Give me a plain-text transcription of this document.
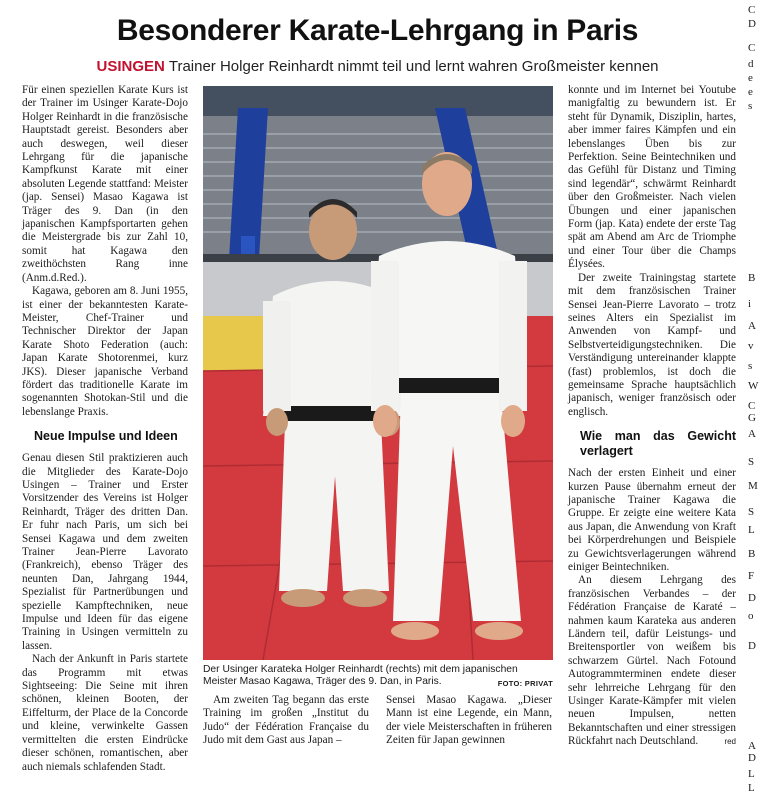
Besonderer Karate-Lehrgang in Paris
USINGEN Trainer Holger Reinhardt nimmt teil und lernt wahren Großmeister kennen

Für einen speziellen Karate Kurs ist der Trainer im Usinger Karate-Dojo Holger Reinhardt in die französische Hauptstadt gereist. Besonders aber auch deswegen, weil dieser Lehrgang für die japanische Kampfkunst Karate mit einer absoluten Legende stattfand: Meister (jap. Sensei) Masao Kagawa ist Träger des 9. Dan (in den japanischen Kampfsportarten gehen die Meistergrade bis zur Zahl 10, somit hat Kagawa den zweithöchsten Rang inne (Anm.d.Red.).

Kagawa, geboren am 8. Juni 1955, ist einer der bekanntesten Karate-Meister, Chef-Trainer und Technischer Direktor der Japan Karate Shoto Federation (auch: Japan Karate Shotorenmei, kurz JKS). Dieser japanische Verband fördert das traditionelle Karate im sogenannten Shotokan-Stil und die lebenslange Praxis.

Neue Impulse und Ideen

Genau diesen Stil praktizieren auch die Mitglieder des Karate-Dojo Usingen – Trainer und Erster Vorsitzender des Vereins ist Holger Reinhardt, Träger des dritten Dan. Er fuhr nach Paris, um sich bei Sensei Kagawa und dem zweiten Trainer Jean-Pierre Lavorato (Frankreich), ebenso Träger des neunten Dan, Jahrgang 1944, Spezialist für Partnerübungen und spezielle Kampftechniken, neue Impulse und Ideen für das eigene Training in Usingen vermitteln zu lassen.

Nach der Ankunft in Paris startete das Programm mit etwas Sightseeing: Die Seine mit ihren schönen, kleinen Booten, der Eiffelturm, der Place de la Concorde und kleine, verwinkelte Gassen vermittelten die ersten Eindrücke dieser schönen, romantischen, aber auch niemals schlafenden Stadt.

Der Usinger Karateka Holger Reinhardt (rechts) mit dem japanischen Meister Masao Kagawa, Träger des 9. Dan, in Paris.	FOTO: PRIVAT

Am zweiten Tag begann das erste Training im großen „Institut du Judo“ der Fédération Française du Judo mit dem Gast aus Japan –

Sensei Masao Kagawa. „Dieser Mann ist eine Legende, ein Mann, der viele Meisterschaften in früheren Zeiten für Japan gewinnen

konnte und im Internet bei Youtube manigfaltig zu bewundern ist. Er steht für Dynamik, Disziplin, hartes, aber immer faires Kämpfen und ein lebenslanges Üben bis zur Perfektion. Seine Beintechniken und das Gefühl für Distanz und Timing sind legendär“, schwärmt Reinhardt über den Großmeister. Nach vielen Übungen und einer japanischen Form (jap. Kata) endete der erste Tag spät am Abend am Arc de Triomphe und einer Tour über die Champs Élysées.

Der zweite Trainingstag startete mit dem französischen Trainer Sensei Jean-Pierre Lavorato – trotz seines Alters ein Spezialist im Anwenden von Kampf- und Selbstverteidigungstechniken. Die Verständigung untereinander klappte (fast) problemlos, ist doch die gemeinsame Sprache hauptsächlich japanisch, weniger französisch oder englisch.

Wie man das Gewicht verlagert

Nach der ersten Einheit und einer kurzen Pause übernahm erneut der japanische Trainer Kagawa die Gruppe. Er zeigte eine weitere Kata aus Japan, die Anwendung von Kraft bei Körperdrehungen und Beispiele zu Gewichtsverlagerungen während einiger Beintechniken.

An diesem Lehrgang des französischen Verbandes – der Fédération Française de Karaté – nahmen kaum Karateka aus anderen Ländern teil, dafür Leistungs- und Breitensportler von weißem bis schwarzem Gürtel. Nach Fotound Autogrammterminen endete dieser sehr lehrreiche Lehrgang für den Usinger Karate-Kämpfer mit vielen neuen Impulsen, netten Bekanntschaften und einer stressigen Rückfahrt nach Deutschland.	red

C
D
C
d
e
e
s
B
i
A
v
s
W
C
G
A
S
M
S
L
B
F
D
o
D
A
D
L
L
